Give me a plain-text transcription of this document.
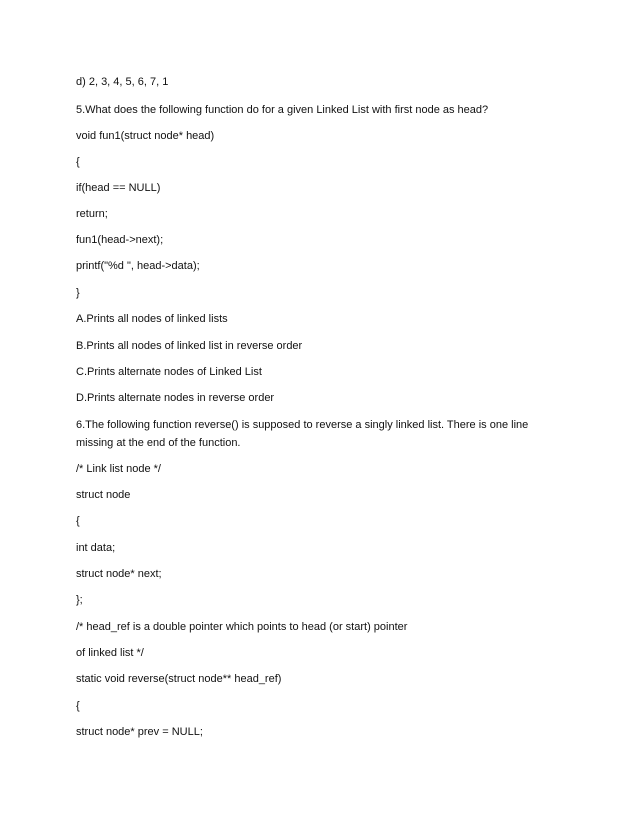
d) 2, 3, 4, 5, 6, 7, 1
5.What does the following function do for a given Linked List with first node as head?
void fun1(struct node* head)
{
if(head == NULL)
return;
fun1(head->next);
printf("%d ", head->data);
}
A.Prints all nodes of linked lists
B.Prints all nodes of linked list in reverse order
C.Prints alternate nodes of Linked List
D.Prints alternate nodes in reverse order
6.The following function reverse() is supposed to reverse a singly linked list. There is one line missing at the end of the function.
/* Link list node */
struct node
{
int data;
struct node* next;
};
/* head_ref is a double pointer which points to head (or start) pointer
of linked list */
static void reverse(struct node** head_ref)
{
struct node* prev = NULL;
